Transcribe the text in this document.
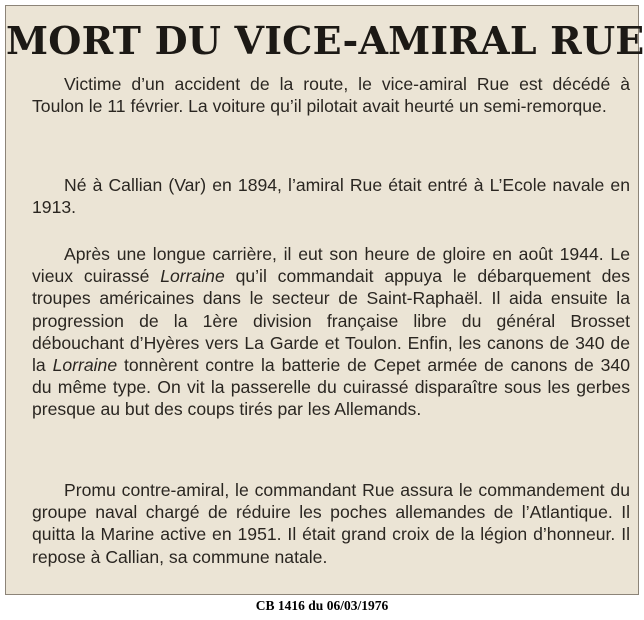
MORT DU VICE-AMIRAL RUE

Victime d’un accident de la route, le vice-amiral Rue est décédé à Toulon le 11 février. La voiture qu’il pilotait avait heurté un semi-remorque.

Né à Callian (Var) en 1894, l’amiral Rue était entré à L’Ecole navale en 1913.

Après une longue carrière, il eut son heure de gloire en août 1944. Le vieux cuirassé Lorraine qu’il commandait appuya le débarquement des troupes américaines dans le secteur de Saint-Raphaël. Il aida ensuite la progression de la 1ère division française libre du général Brosset débouchant d’Hyères vers La Garde et Toulon. Enfin, les canons de 340 de la Lorraine tonnèrent contre la batterie de Cepet armée de canons de 340 du même type. On vit la passerelle du cuirassé disparaître sous les gerbes presque au but des coups tirés par les Allemands.

Promu contre-amiral, le commandant Rue assura le commandement du groupe naval chargé de réduire les poches allemandes de l’Atlantique. Il quitta la Marine active en 1951. Il était grand croix de la légion d’honneur. Il repose à Callian, sa commune natale.

CB 1416 du 06/03/1976
